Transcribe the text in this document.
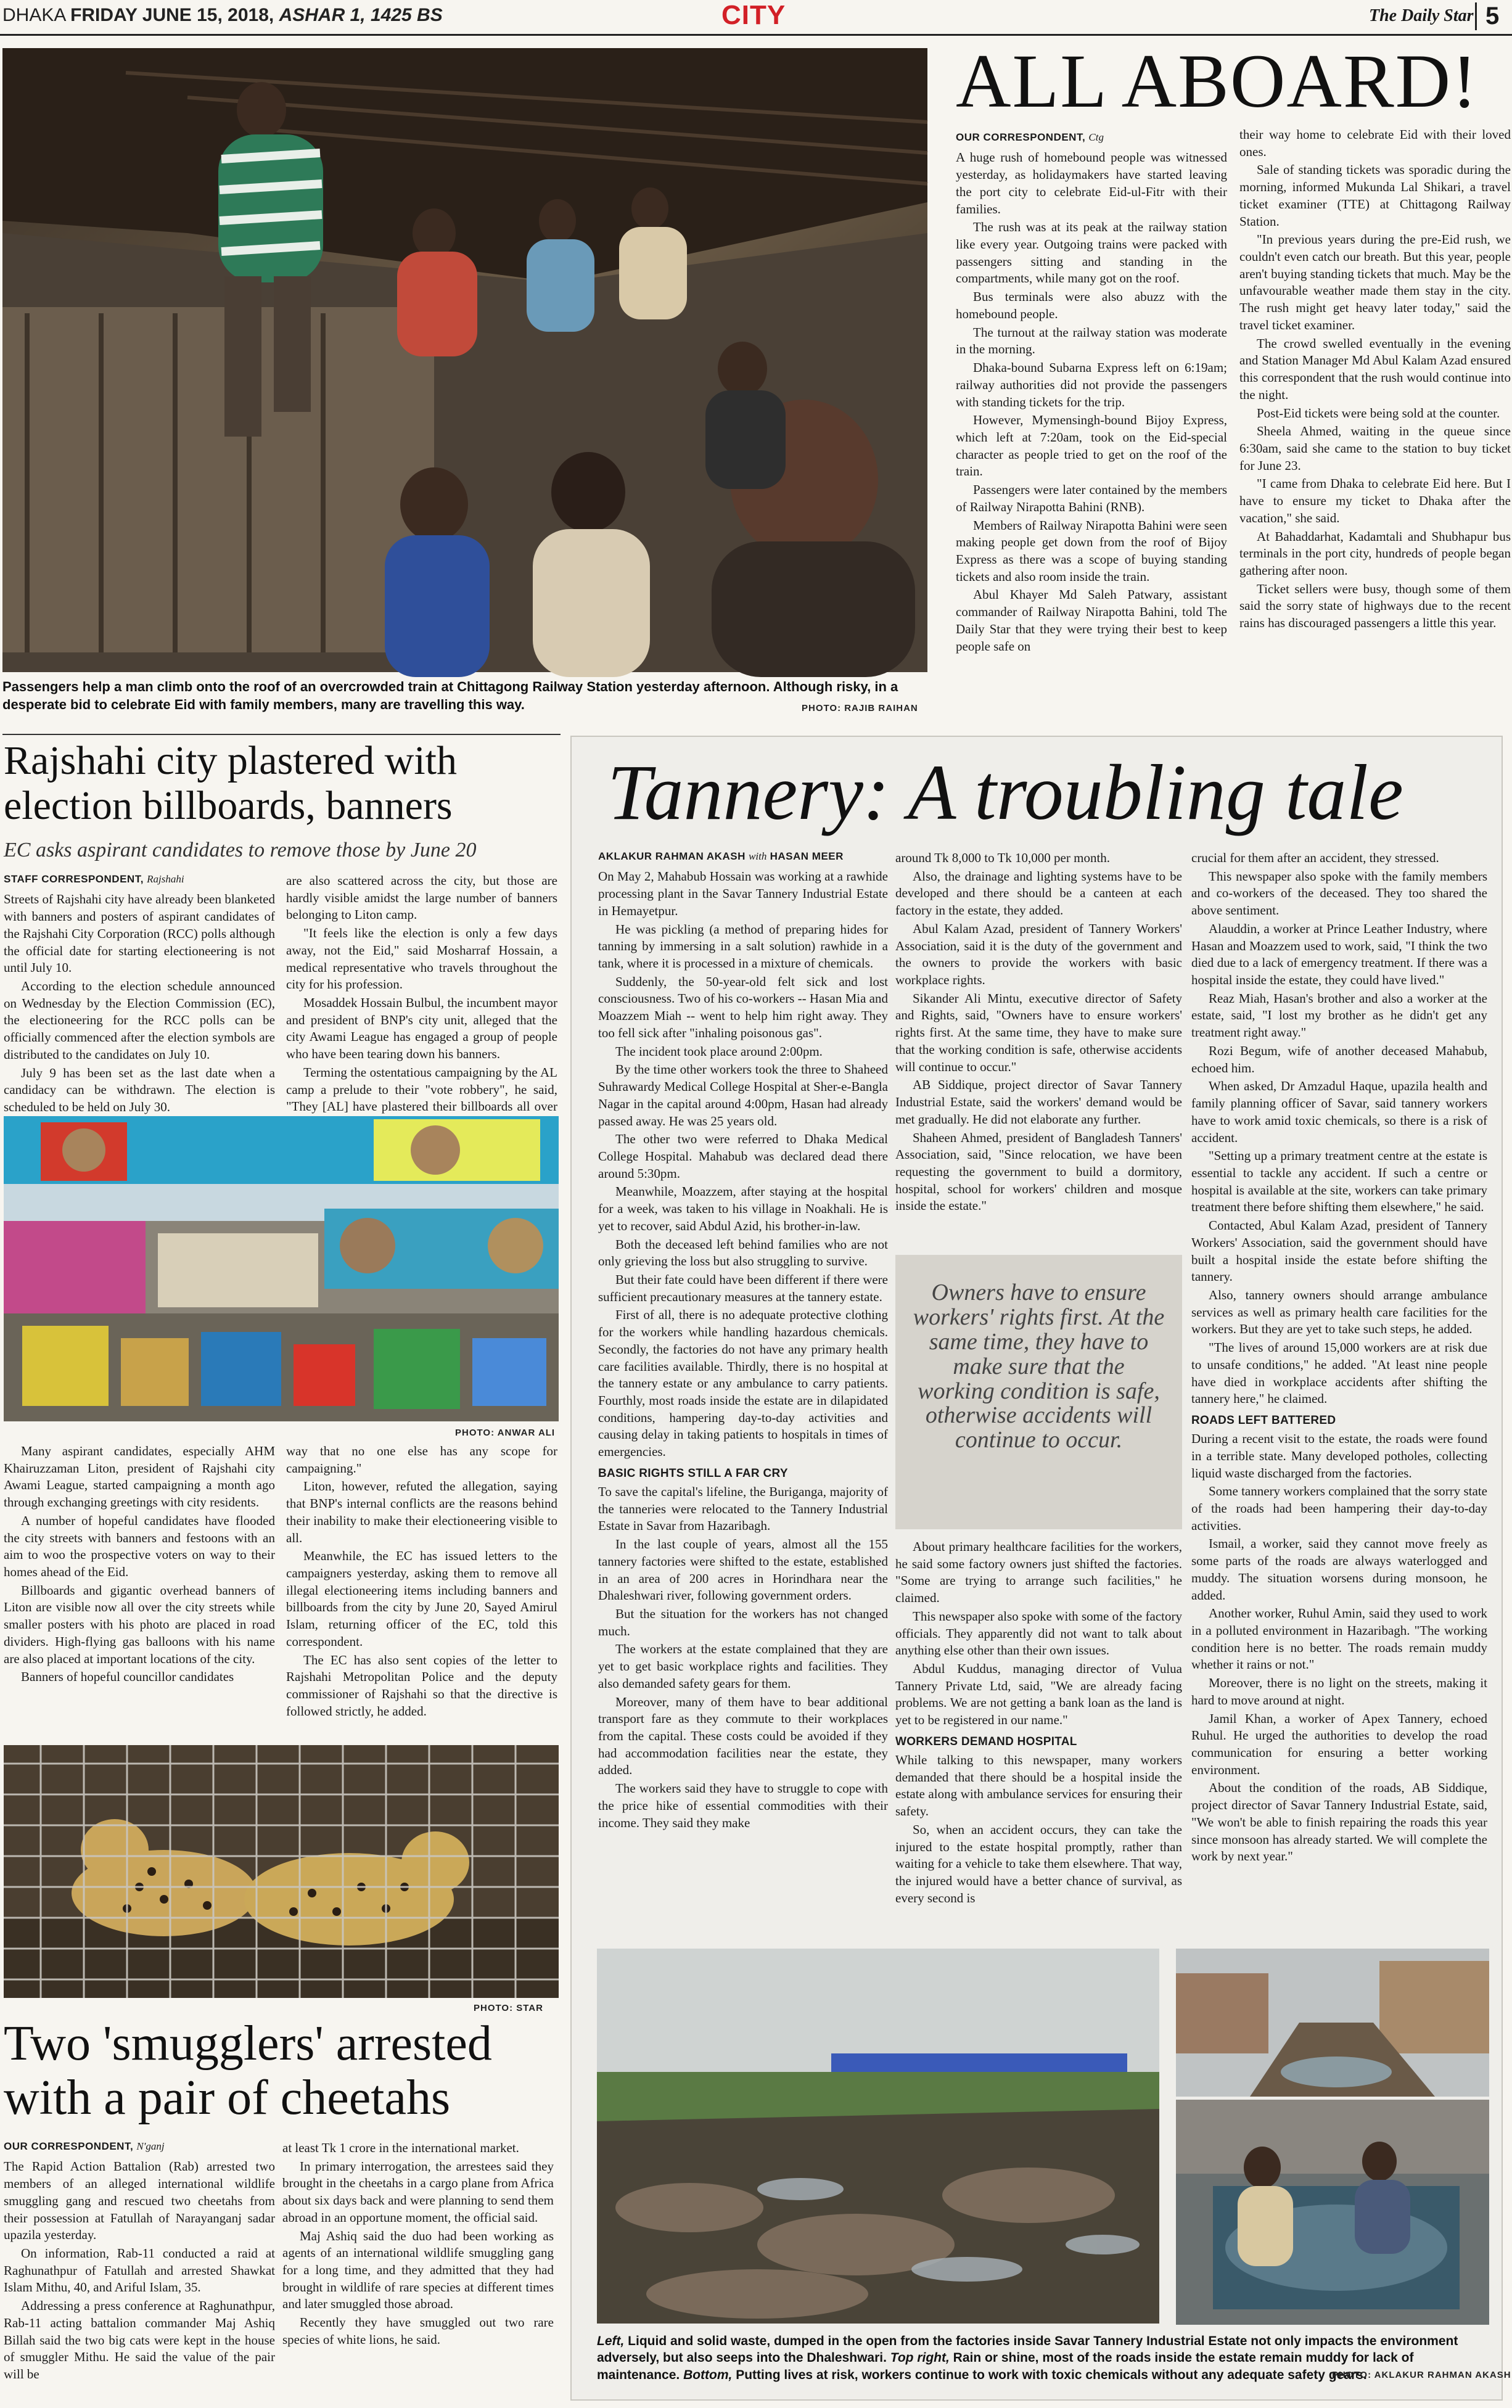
DHAKA FRIDAY JUNE 15, 2018, ASHAR 1, 1425 BS	CITY	The Daily Star 5
Passengers help a man climb onto the roof of an overcrowded train at Chittagong Railway Station yesterday afternoon. Although risky, in a desperate bid to celebrate Eid with family members, many are travelling this way.	PHOTO: RAJIB RAIHAN
ALL ABOARD!
OUR CORRESPONDENT, Ctg

A huge rush of homebound people was witnessed yesterday, as holidaymakers have started leaving the port city to celebrate Eid-ul-Fitr with their families.

The rush was at its peak at the railway station like every year. Outgoing trains were packed with passengers sitting and standing in the compartments, while many got on the roof.

Bus terminals were also abuzz with the homebound people.

The turnout at the railway station was moderate in the morning.

Dhaka-bound Subarna Express left on 6:19am; railway authorities did not provide the passengers with standing tickets for the trip.

However, Mymensingh-bound Bijoy Express, which left at 7:20am, took on the Eid-special character as people tried to get on the roof of the train.

Passengers were later contained by the members of Railway Nirapotta Bahini (RNB).

Members of Railway Nirapotta Bahini were seen making people get down from the roof of Bijoy Express as there was a scope of buying standing tickets and also room inside the train.

Abul Khayer Md Saleh Patwary, assistant commander of Railway Nirapotta Bahini, told The Daily Star that they were trying their best to keep people safe on

their way home to celebrate Eid with their loved ones.

Sale of standing tickets was sporadic during the morning, informed Mukunda Lal Shikari, a travel ticket examiner (TTE) at Chittagong Railway Station.

"In previous years during the pre-Eid rush, we couldn't even catch our breath. But this year, people aren't buying standing tickets that much. May be the unfavourable weather made them stay in the city. The rush might get heavy later today," said the travel ticket examiner.

The crowd swelled eventually in the evening and Station Manager Md Abul Kalam Azad ensured this correspondent that the rush would continue into the night.

Post-Eid tickets were being sold at the counter.

Sheela Ahmed, waiting in the queue since 6:30am, said she came to the station to buy ticket for June 23.

"I came from Dhaka to celebrate Eid here. But I have to ensure my ticket to Dhaka after the vacation," she said.

At Bahaddarhat, Kadamtali and Shubhapur bus terminals in the port city, hundreds of people began gathering after noon.

Ticket sellers were busy, though some of them said the sorry state of highways due to the recent rains has discouraged passengers a little this year.

Rajshahi city plastered with election billboards, banners
EC asks aspirant candidates to remove those by June 20
STAFF CORRESPONDENT, Rajshahi

Streets of Rajshahi city have already been blanketed with banners and posters of aspirant candidates of the Rajshahi City Corporation (RCC) polls although the official date for starting electioneering is not until July 10.

According to the election schedule announced on Wednesday by the Election Commission (EC), the electioneering for the RCC polls can be officially commenced after the election symbols are distributed to the candidates on July 10.

July 9 has been set as the last date when a candidacy can be withdrawn. The election is scheduled to be held on July 30.

are also scattered across the city, but those are hardly visible amidst the large number of banners belonging to Liton camp.

"It feels like the election is only a few days away, not the Eid," said Mosharraf Hossain, a medical representative who travels throughout the city for his profession.

Mosaddek Hossain Bulbul, the incumbent mayor and president of BNP's city unit, alleged that the city Awami League has engaged a group of people who have been tearing down his banners.

Terming the ostentatious campaigning by the AL camp a prelude to their "vote robbery", he said, "They [AL] have plastered their billboards all over

PHOTO: ANWAR ALI

Many aspirant candidates, especially AHM Khairuzzaman Liton, president of Rajshahi city Awami League, started campaigning a month ago through exchanging greetings with city residents.

A number of hopeful candidates have flooded the city streets with banners and festoons with an aim to woo the prospective voters on way to their homes ahead of the Eid.

Billboards and gigantic overhead banners of Liton are visible now all over the city streets while smaller posters with his photo are placed in road dividers. High-flying gas balloons with his name are also placed at important locations of the city.

Banners of hopeful councillor candidates

way that no one else has any scope for campaigning."

Liton, however, refuted the allegation, saying that BNP's internal conflicts are the reasons behind their inability to make their electioneering visible to all.

Meanwhile, the EC has issued letters to the campaigners yesterday, asking them to remove all illegal electioneering items including banners and billboards from the city by June 20, Sayed Amirul Islam, returning officer of the EC, told this correspondent.

The EC has also sent copies of the letter to Rajshahi Metropolitan Police and the deputy commissioner of Rajshahi so that the directive is followed strictly, he added.

PHOTO: STAR
Two 'smugglers' arrested with a pair of cheetahs
OUR CORRESPONDENT, N'ganj

The Rapid Action Battalion (Rab) arrested two members of an alleged international wildlife smuggling gang and rescued two cheetahs from their possession at Fatullah of Narayanganj sadar upazila yesterday.

On information, Rab-11 conducted a raid at Raghunathpur of Fatullah and arrested Shawkat Islam Mithu, 40, and Ariful Islam, 35.

Addressing a press conference at Raghunathpur, Rab-11 acting battalion commander Maj Ashiq Billah said the two big cats were kept in the house of smuggler Mithu. He said the value of the pair will be

at least Tk 1 crore in the international market.

In primary interrogation, the arrestees said they brought in the cheetahs in a cargo plane from Africa about six days back and were planning to send them abroad in an opportune moment, the official said.

Maj Ashiq said the duo had been working as agents of an international wildlife smuggling gang for a long time, and they admitted that they had brought in wildlife of rare species at different times and later smuggled those abroad.

Recently they have smuggled out two rare species of white lions, he said.

Tannery: A troubling tale
AKLAKUR RAHMAN AKASH with HASAN MEER

On May 2, Mahabub Hossain was working at a rawhide processing plant in the Savar Tannery Industrial Estate in Hemayetpur.

He was pickling (a method of preparing hides for tanning by immersing in a salt solution) rawhide in a tank, where it is processed in a mixture of chemicals.

Suddenly, the 50-year-old felt sick and lost consciousness. Two of his co-workers -- Hasan Mia and Moazzem Miah -- went to help him right away. They too fell sick after "inhaling poisonous gas".

The incident took place around 2:00pm.

By the time other workers took the three to Shaheed Suhrawardy Medical College Hospital at Sher-e-Bangla Nagar in the capital around 4:00pm, Hasan had already passed away. He was 25 years old.

The other two were referred to Dhaka Medical College Hospital. Mahabub was declared dead there around 5:30pm.

Meanwhile, Moazzem, after staying at the hospital for a week, was taken to his village in Noakhali. He is yet to recover, said Abdul Azid, his brother-in-law.

Both the deceased left behind families who are not only grieving the loss but also struggling to survive.

But their fate could have been different if there were sufficient precautionary measures at the tannery estate.

First of all, there is no adequate protective clothing for the workers while handling hazardous chemicals. Secondly, the factories do not have any primary health care facilities available. Thirdly, there is no hospital at the tannery estate or any ambulance to carry patients. Fourthly, most roads inside the estate are in dilapidated conditions, hampering day-to-day activities and causing delay in taking patients to hospitals in times of emergencies.

BASIC RIGHTS STILL A FAR CRY

To save the capital's lifeline, the Buriganga, majority of the tanneries were relocated to the Tannery Industrial Estate in Savar from Hazaribagh.

In the last couple of years, almost all the 155 tannery factories were shifted to the estate, established in an area of 200 acres in Horindhara near the Dhaleshwari river, following government orders.

But the situation for the workers has not changed much.

The workers at the estate complained that they are yet to get basic workplace rights and facilities. They also demanded safety gears for them.

Moreover, many of them have to bear additional transport fare as they commute to their workplaces from the capital. These costs could be avoided if they had accommodation facilities near the estate, they added.

The workers said they have to struggle to cope with the price hike of essential commodities with their income. They said they make

around Tk 8,000 to Tk 10,000 per month.

Also, the drainage and lighting systems have to be developed and there should be a canteen at each factory in the estate, they added.

Abul Kalam Azad, president of Tannery Workers' Association, said it is the duty of the government and the owners to provide the workers with basic workplace rights.

Sikander Ali Mintu, executive director of Safety and Rights, said, "Owners have to ensure workers' rights first. At the same time, they have to make sure that the working condition is safe, otherwise accidents will continue to occur."

AB Siddique, project director of Savar Tannery Industrial Estate, said the workers' demand would be met gradually. He did not elaborate any further.

Shaheen Ahmed, president of Bangladesh Tanners' Association, said, "Since relocation, we have been requesting the government to build a dormitory, hospital, school for workers' children and mosque inside the estate."

Owners have to ensure workers' rights first. At the same time, they have to make sure that the working condition is safe, otherwise accidents will continue to occur.

About primary healthcare facilities for the workers, he said some factory owners just shifted the factories. "Some are trying to arrange such facilities," he claimed.

This newspaper also spoke with some of the factory officials. They apparently did not want to talk about anything else other than their own issues.

Abdul Kuddus, managing director of Vulua Tannery Private Ltd, said, "We are already facing problems. We are not getting a bank loan as the land is yet to be registered in our name."

WORKERS DEMAND HOSPITAL

While talking to this newspaper, many workers demanded that there should be a hospital inside the estate along with ambulance services for ensuring their safety.

So, when an accident occurs, they can take the injured to the estate hospital promptly, rather than waiting for a vehicle to take them elsewhere. That way, the injured would have a better chance of survival, as every second is

crucial for them after an accident, they stressed.

This newspaper also spoke with the family members and co-workers of the deceased. They too shared the above sentiment.

Alauddin, a worker at Prince Leather Industry, where Hasan and Moazzem used to work, said, "I think the two died due to a lack of emergency treatment. If there was a hospital inside the estate, they could have lived."

Reaz Miah, Hasan's brother and also a worker at the estate, said, "I lost my brother as he didn't get any treatment right away."

Rozi Begum, wife of another deceased Mahabub, echoed him.

When asked, Dr Amzadul Haque, upazila health and family planning officer of Savar, said tannery workers have to work amid toxic chemicals, so there is a risk of accident.

"Setting up a primary treatment centre at the estate is essential to tackle any accident. If such a centre or hospital is available at the site, workers can take primary treatment there before shifting them elsewhere," he said.

Contacted, Abul Kalam Azad, president of Tannery Workers' Association, said the government should have built a hospital inside the estate before shifting the tannery.

Also, tannery owners should arrange ambulance services as well as primary health care facilities for the workers. But they are yet to take such steps, he added.

"The lives of around 15,000 workers are at risk due to unsafe conditions," he added. "At least nine people have died in workplace accidents after shifting the tannery here," he claimed.

ROADS LEFT BATTERED

During a recent visit to the estate, the roads were found in a terrible state. Many developed potholes, collecting liquid waste discharged from the factories.

Some tannery workers complained that the sorry state of the roads had been hampering their day-to-day activities.

Ismail, a worker, said they cannot move freely as some parts of the roads are always waterlogged and muddy. The situation worsens during monsoon, he added.

Another worker, Ruhul Amin, said they used to work in a polluted environment in Hazaribagh. "The working condition here is no better. The roads remain muddy whether it rains or not."

Moreover, there is no light on the streets, making it hard to move around at night.

Jamil Khan, a worker of Apex Tannery, echoed Ruhul. He urged the authorities to develop the road communication for ensuring a better working environment.

About the condition of the roads, AB Siddique, project director of Savar Tannery Industrial Estate, said, "We won't be able to finish repairing the roads this year since monsoon has already started. We will complete the work by next year."

Left, Liquid and solid waste, dumped in the open from the factories inside Savar Tannery Industrial Estate not only impacts the environment adversely, but also seeps into the Dhaleshwari. Top right, Rain or shine, most of the roads inside the estate remain muddy for lack of maintenance. Bottom, Putting lives at risk, workers continue to work with toxic chemicals without any adequate safety gears.
PHOTO: AKLAKUR RAHMAN AKASH
